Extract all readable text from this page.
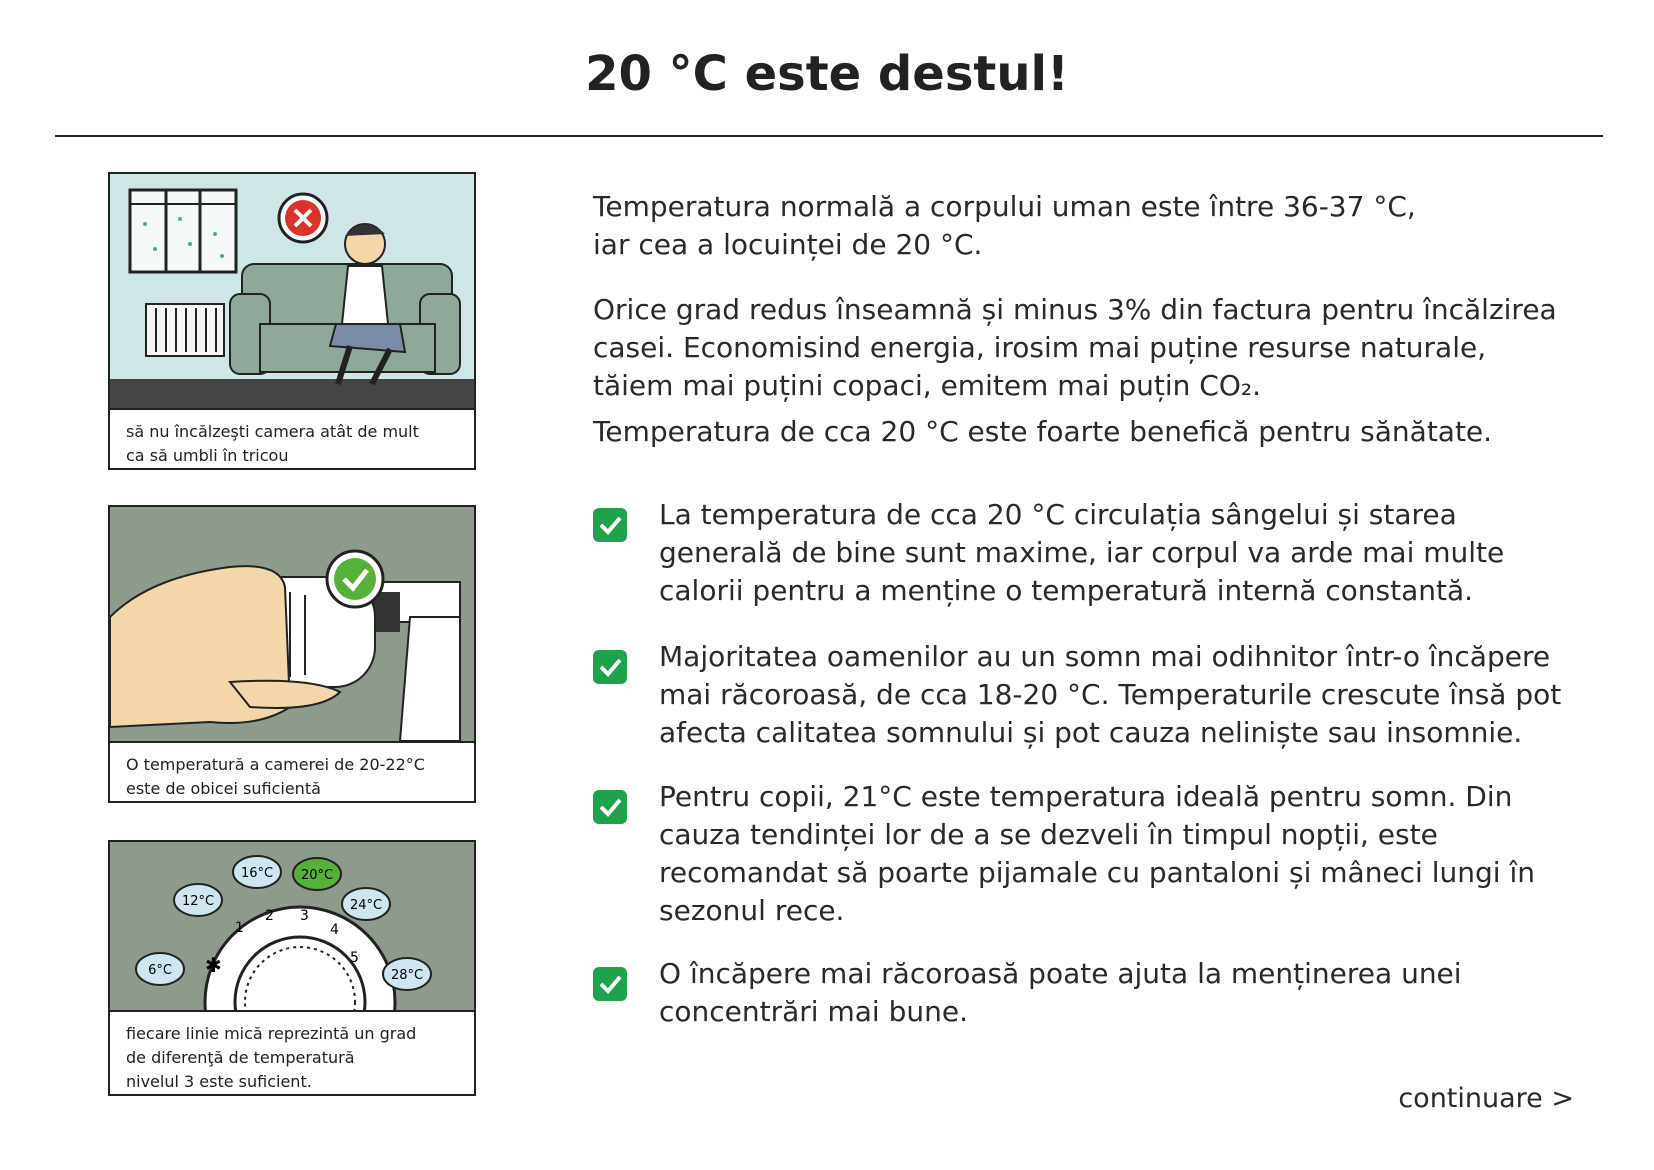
20 °C este destul!
să nu încălzeşti camera atât de mult
ca să umbli în tricou
O temperatură a camerei de 20-22°C
este de obicei suficientă
1
2 3
4
5
✱
6°C
12°C
16°C 20°C
24°C
28°C
fiecare linie mică reprezintă un grad
de diferenţă de temperatură
nivelul 3 este suficient.

Temperatura normală a corpului uman este între 36-37 °C,

iar cea a locuinței de 20 °C.

Orice grad redus înseamnă și minus 3% din factura pentru încălzirea

casei. Economisind energia, irosim mai puține resurse naturale,

tăiem mai puțini copaci, emitem mai puțin CO₂.

Temperatura de cca 20 °C este foarte benefică pentru sănătate.

La temperatura de cca 20 °C circulația sângelui și starea
generală de bine sunt maxime, iar corpul va arde mai multe
calorii pentru a menține o temperatură internă constantă.
Majoritatea oamenilor au un somn mai odihnitor într-o încăpere
mai răcoroasă, de cca 18-20 °C. Temperaturile crescute însă pot
afecta calitatea somnului și pot cauza neliniște sau insomnie.
Pentru copii, 21°C este temperatura ideală pentru somn. Din
cauza tendinței lor de a se dezveli în timpul nopții, este
recomandat să poarte pijamale cu pantaloni și mâneci lungi în
sezonul rece.
O încăpere mai răcoroasă poate ajuta la menținerea unei
concentrări mai bune.
continuare >
